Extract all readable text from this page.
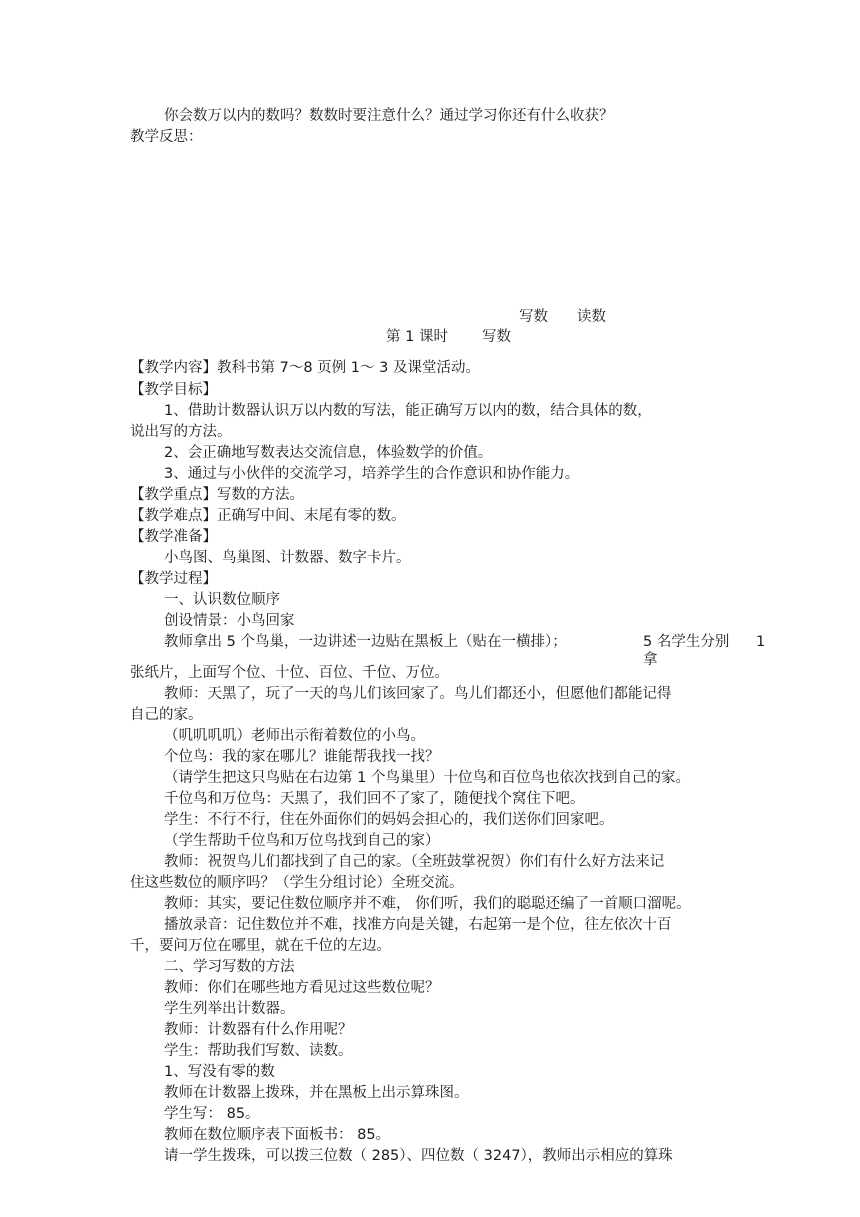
你会数万以内的数吗？数数时要注意什么？通过学习你还有什么收获？
教学反思：
写数 读数
第 1 课时 写数
【教学内容】教科书第 7～8 页例 1～ 3 及课堂活动。
【教学目标】
1、借助计数器认识万以内数的写法，能正确写万以内的数，结合具体的数，
说出写的方法。
2、会正确地写数表达交流信息，体验数学的价值。
3、通过与小伙伴的交流学习，培养学生的合作意识和协作能力。
【教学重点】写数的方法。
【教学难点】正确写中间、末尾有零的数。
【教学准备】
小鸟图、鸟巢图、计数器、数字卡片。
【教学过程】
一、认识数位顺序
创设情景：小鸟回家
教师拿出 5 个鸟巢，一边讲述一边贴在黑板上（贴在一横排）；	5 名学生分别 1
拿
张纸片，上面写个位、十位、百位、千位、万位。
教师：天黑了，玩了一天的鸟儿们该回家了。鸟儿们都还小，但愿他们都能记得
自己的家。
（叽叽叽叽）老师出示衔着数位的小鸟。
个位鸟：我的家在哪儿？谁能帮我找一找？
（请学生把这只鸟贴在右边第 1 个鸟巢里）十位鸟和百位鸟也依次找到自己的家。
千位鸟和万位鸟：天黑了，我们回不了家了，随便找个窝住下吧。
学生：不行不行，住在外面你们的妈妈会担心的，我们送你们回家吧。
（学生帮助千位鸟和万位鸟找到自己的家）
教师：祝贺鸟儿们都找到了自己的家。（全班鼓掌祝贺）你们有什么好方法来记
住这些数位的顺序吗？（学生分组讨论）全班交流。
教师：其实，要记住数位顺序并不难， 你们听，我们的聪聪还编了一首顺口溜呢。
播放录音：记住数位并不难，找准方向是关键，右起第一是个位，往左依次十百
千，要问万位在哪里，就在千位的左边。
二、学习写数的方法
教师：你们在哪些地方看见过这些数位呢？
学生列举出计数器。
教师：计数器有什么作用呢？
学生：帮助我们写数、读数。
1、写没有零的数
教师在计数器上拨珠，并在黑板上出示算珠图。
学生写： 85。
教师在数位顺序表下面板书： 85。
请一学生拨珠，可以拨三位数（ 285）、四位数（ 3247），教师出示相应的算珠
